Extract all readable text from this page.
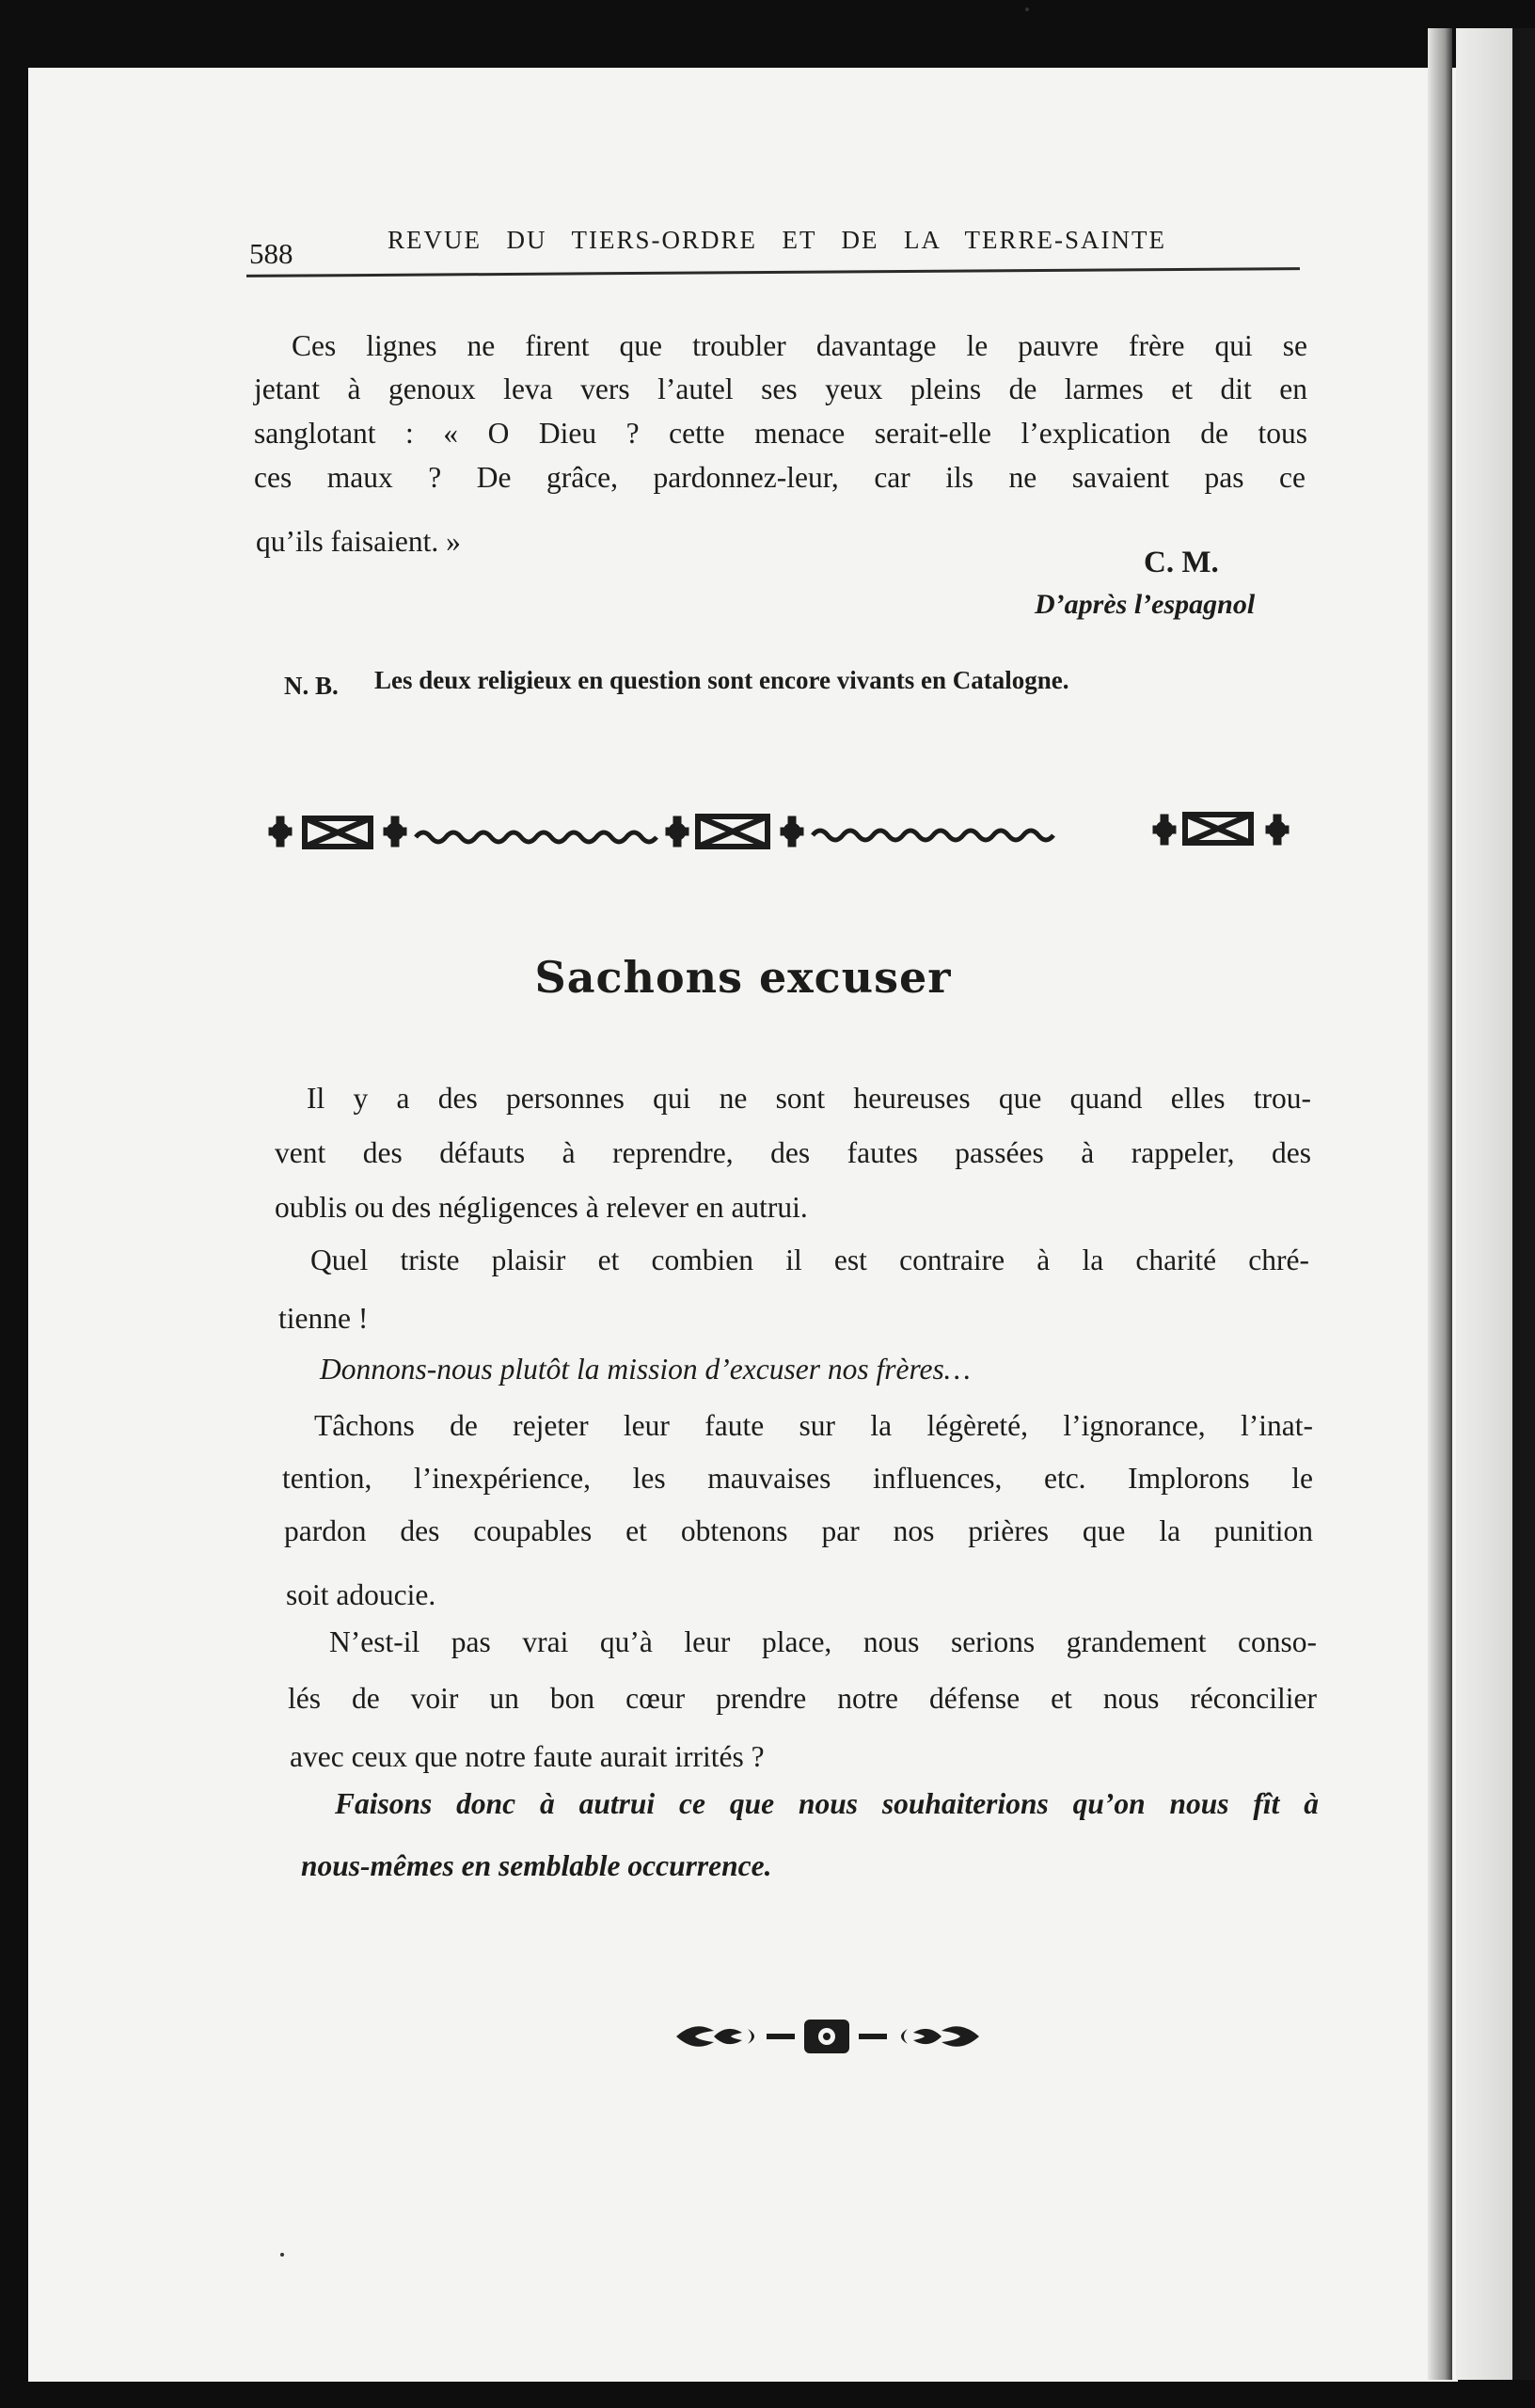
588	REVUE DU TIERS-ORDRE ET DE LA TERRE-SAINTE
Ces lignes ne firent que troubler davantage le pauvre frère qui se
jetant à genoux leva vers l’autel ses yeux pleins de larmes et dit en
sanglotant : « O Dieu ? cette menace serait-elle l’explication de tous
ces maux ? De grâce, pardonnez-leur, car ils ne savaient pas ce
qu’ils faisaient. »
C. M.
D’après l’espagnol
N. B. Les deux religieux en question sont encore vivants en Catalogne.
Sachons excuser
Il y a des personnes qui ne sont heureuses que quand elles trou-
vent des défauts à reprendre, des fautes passées à rappeler, des
oublis ou des négligences à relever en autrui.
Quel triste plaisir et combien il est contraire à la charité chré-
tienne !
Donnons-nous plutôt la mission d’excuser nos frères…
Tâchons de rejeter leur faute sur la légèreté, l’ignorance, l’inat-
tention, l’inexpérience, les mauvaises influences, etc. Implorons le
pardon des coupables et obtenons par nos prières que la punition
soit adoucie.
N’est-il pas vrai qu’à leur place, nous serions grandement conso-
lés de voir un bon cœur prendre notre défense et nous réconcilier
avec ceux que notre faute aurait irrités ?
Faisons donc à autrui ce que nous souhaiterions qu’on nous fît à
nous-mêmes en semblable occurrence.
